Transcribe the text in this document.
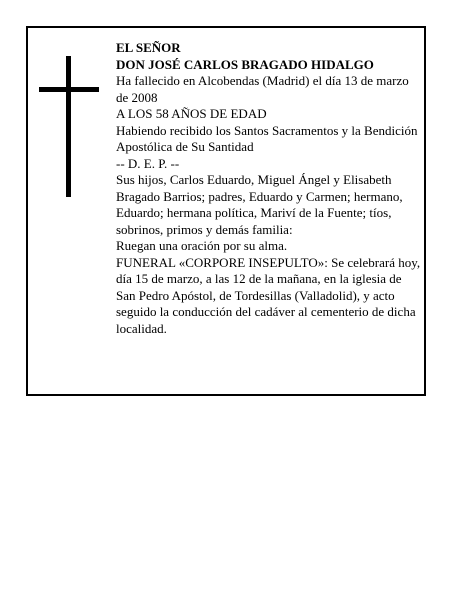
EL SEÑOR

DON JOSÉ CARLOS BRAGADO HIDALGO

Ha fallecido en Alcobendas (Madrid) el día 13 de marzo de 2008

A LOS 58 AÑOS DE EDAD

Habiendo recibido los Santos Sacramentos y la Bendición Apostólica de Su Santidad

-- D. E. P. --

Sus hijos, Carlos Eduardo, Miguel Ángel y Elisabeth Bragado Barrios; padres, Eduardo y Carmen; hermano, Eduardo; hermana política, Mariví de la Fuente; tíos, sobrinos, primos y demás familia:

Ruegan una oración por su alma.

FUNERAL «CORPORE INSEPULTO»: Se celebrará hoy, día 15 de marzo, a las 12 de la mañana, en la iglesia de San Pedro Apóstol, de Tordesillas (Valladolid), y acto seguido la conducción del cadáver al cementerio de dicha localidad.
